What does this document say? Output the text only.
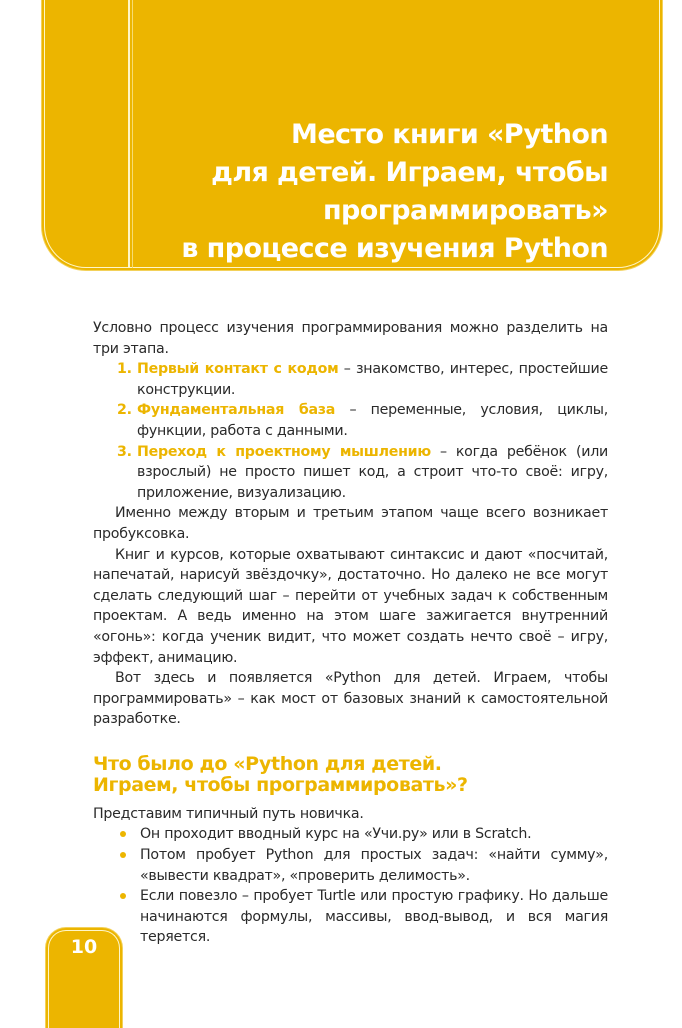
Место книги «Python
для детей. Играем, чтобы
программировать»
в процессе изучения Python

Условно процесс изучения программирования можно разделить на три этапа.

1. Первый контакт с кодом – знакомство, интерес, простейшие конструкции.
2. Фундаментальная база – переменные, условия, циклы, функции, работа с данными.
3. Переход к проектному мышлению – когда ребёнок (или взрослый) не просто пишет код, а строит что-то своё: игру, приложение, визуализацию.

Именно между вторым и третьим этапом чаще всего возникает пробуксовка.

Книг и курсов, которые охватывают синтаксис и дают «посчитай, напечатай, нарисуй звёздочку», достаточно. Но далеко не все могут сделать следующий шаг – перейти от учебных задач к собственным проектам. А ведь именно на этом шаге зажигается внутренний «огонь»: когда ученик видит, что может создать нечто своё – игру, эффект, анимацию.

Вот здесь и появляется «Python для детей. Играем, чтобы программировать» – как мост от базовых знаний к самостоятельной разработке.

Что было до «Python для детей.
Играем, чтобы программировать»?

Представим типичный путь новичка.

Он проходит вводный курс на «Учи.ру» или в Scratch.
Потом пробует Python для простых задач: «найти сумму», «вывести квадрат», «проверить делимость».
Если повезло – пробует Turtle или простую графику. Но дальше начинаются формулы, массивы, ввод-вывод, и вся магия теряется.
10
